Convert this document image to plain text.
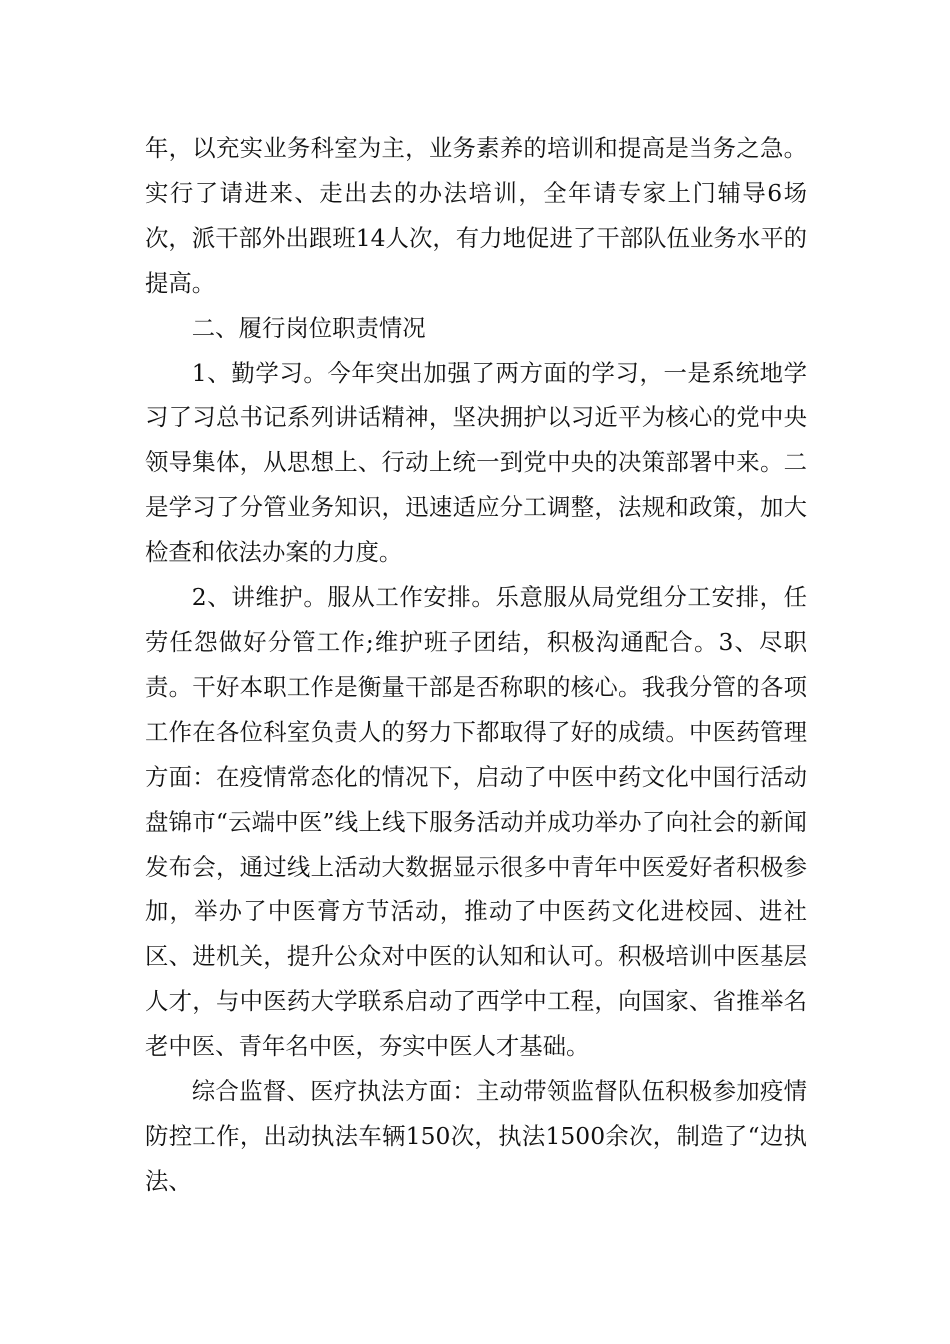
年，以充实业务科室为主，业务素养的培训和提高是当务之急。实行了请进来、走出去的办法培训，全年请专家上门辅导6场次，派干部外出跟班14人次，有力地促进了干部队伍业务水平的提高。

二、履行岗位职责情况

1、勤学习。今年突出加强了两方面的学习，一是系统地学习了习总书记系列讲话精神，坚决拥护以习近平为核心的党中央领导集体，从思想上、行动上统一到党中央的决策部署中来。二是学习了分管业务知识，迅速适应分工调整，法规和政策，加大检查和依法办案的力度。

2、讲维护。服从工作安排。乐意服从局党组分工安排，任劳任怨做好分管工作;维护班子团结，积极沟通配合。3、尽职责。干好本职工作是衡量干部是否称职的核心。我我分管的各项工作在各位科室负责人的努力下都取得了好的成绩。中医药管理方面：在疫情常态化的情况下，启动了中医中药文化中国行活动盘锦市“云端中医”线上线下服务活动并成功举办了向社会的新闻发布会，通过线上活动大数据显示很多中青年中医爱好者积极参加，举办了中医膏方节活动，推动了中医药文化进校园、进社区、进机关，提升公众对中医的认知和认可。积极培训中医基层人才，与中医药大学联系启动了西学中工程，向国家、省推举名老中医、青年名中医，夯实中医人才基础。

综合监督、医疗执法方面：主动带领监督队伍积极参加疫情防控工作，出动执法车辆150次，执法1500余次，制造了“边执法、
